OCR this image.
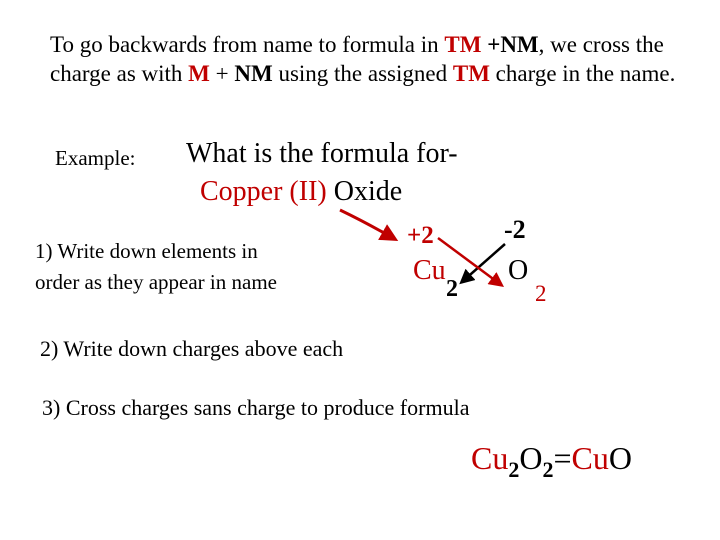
To go backwards from name to formula in TM +NM, we cross the charge as with M + NM using the assigned TM charge in the name.
Example: What is the formula for-
Copper (II) Oxide
1) Write down elements in
order as they appear in name
+2	-2
Cu
2
O
2
2) Write down charges above each
3) Cross charges sans charge to produce formula
$Cu_2O_2=CuO$
